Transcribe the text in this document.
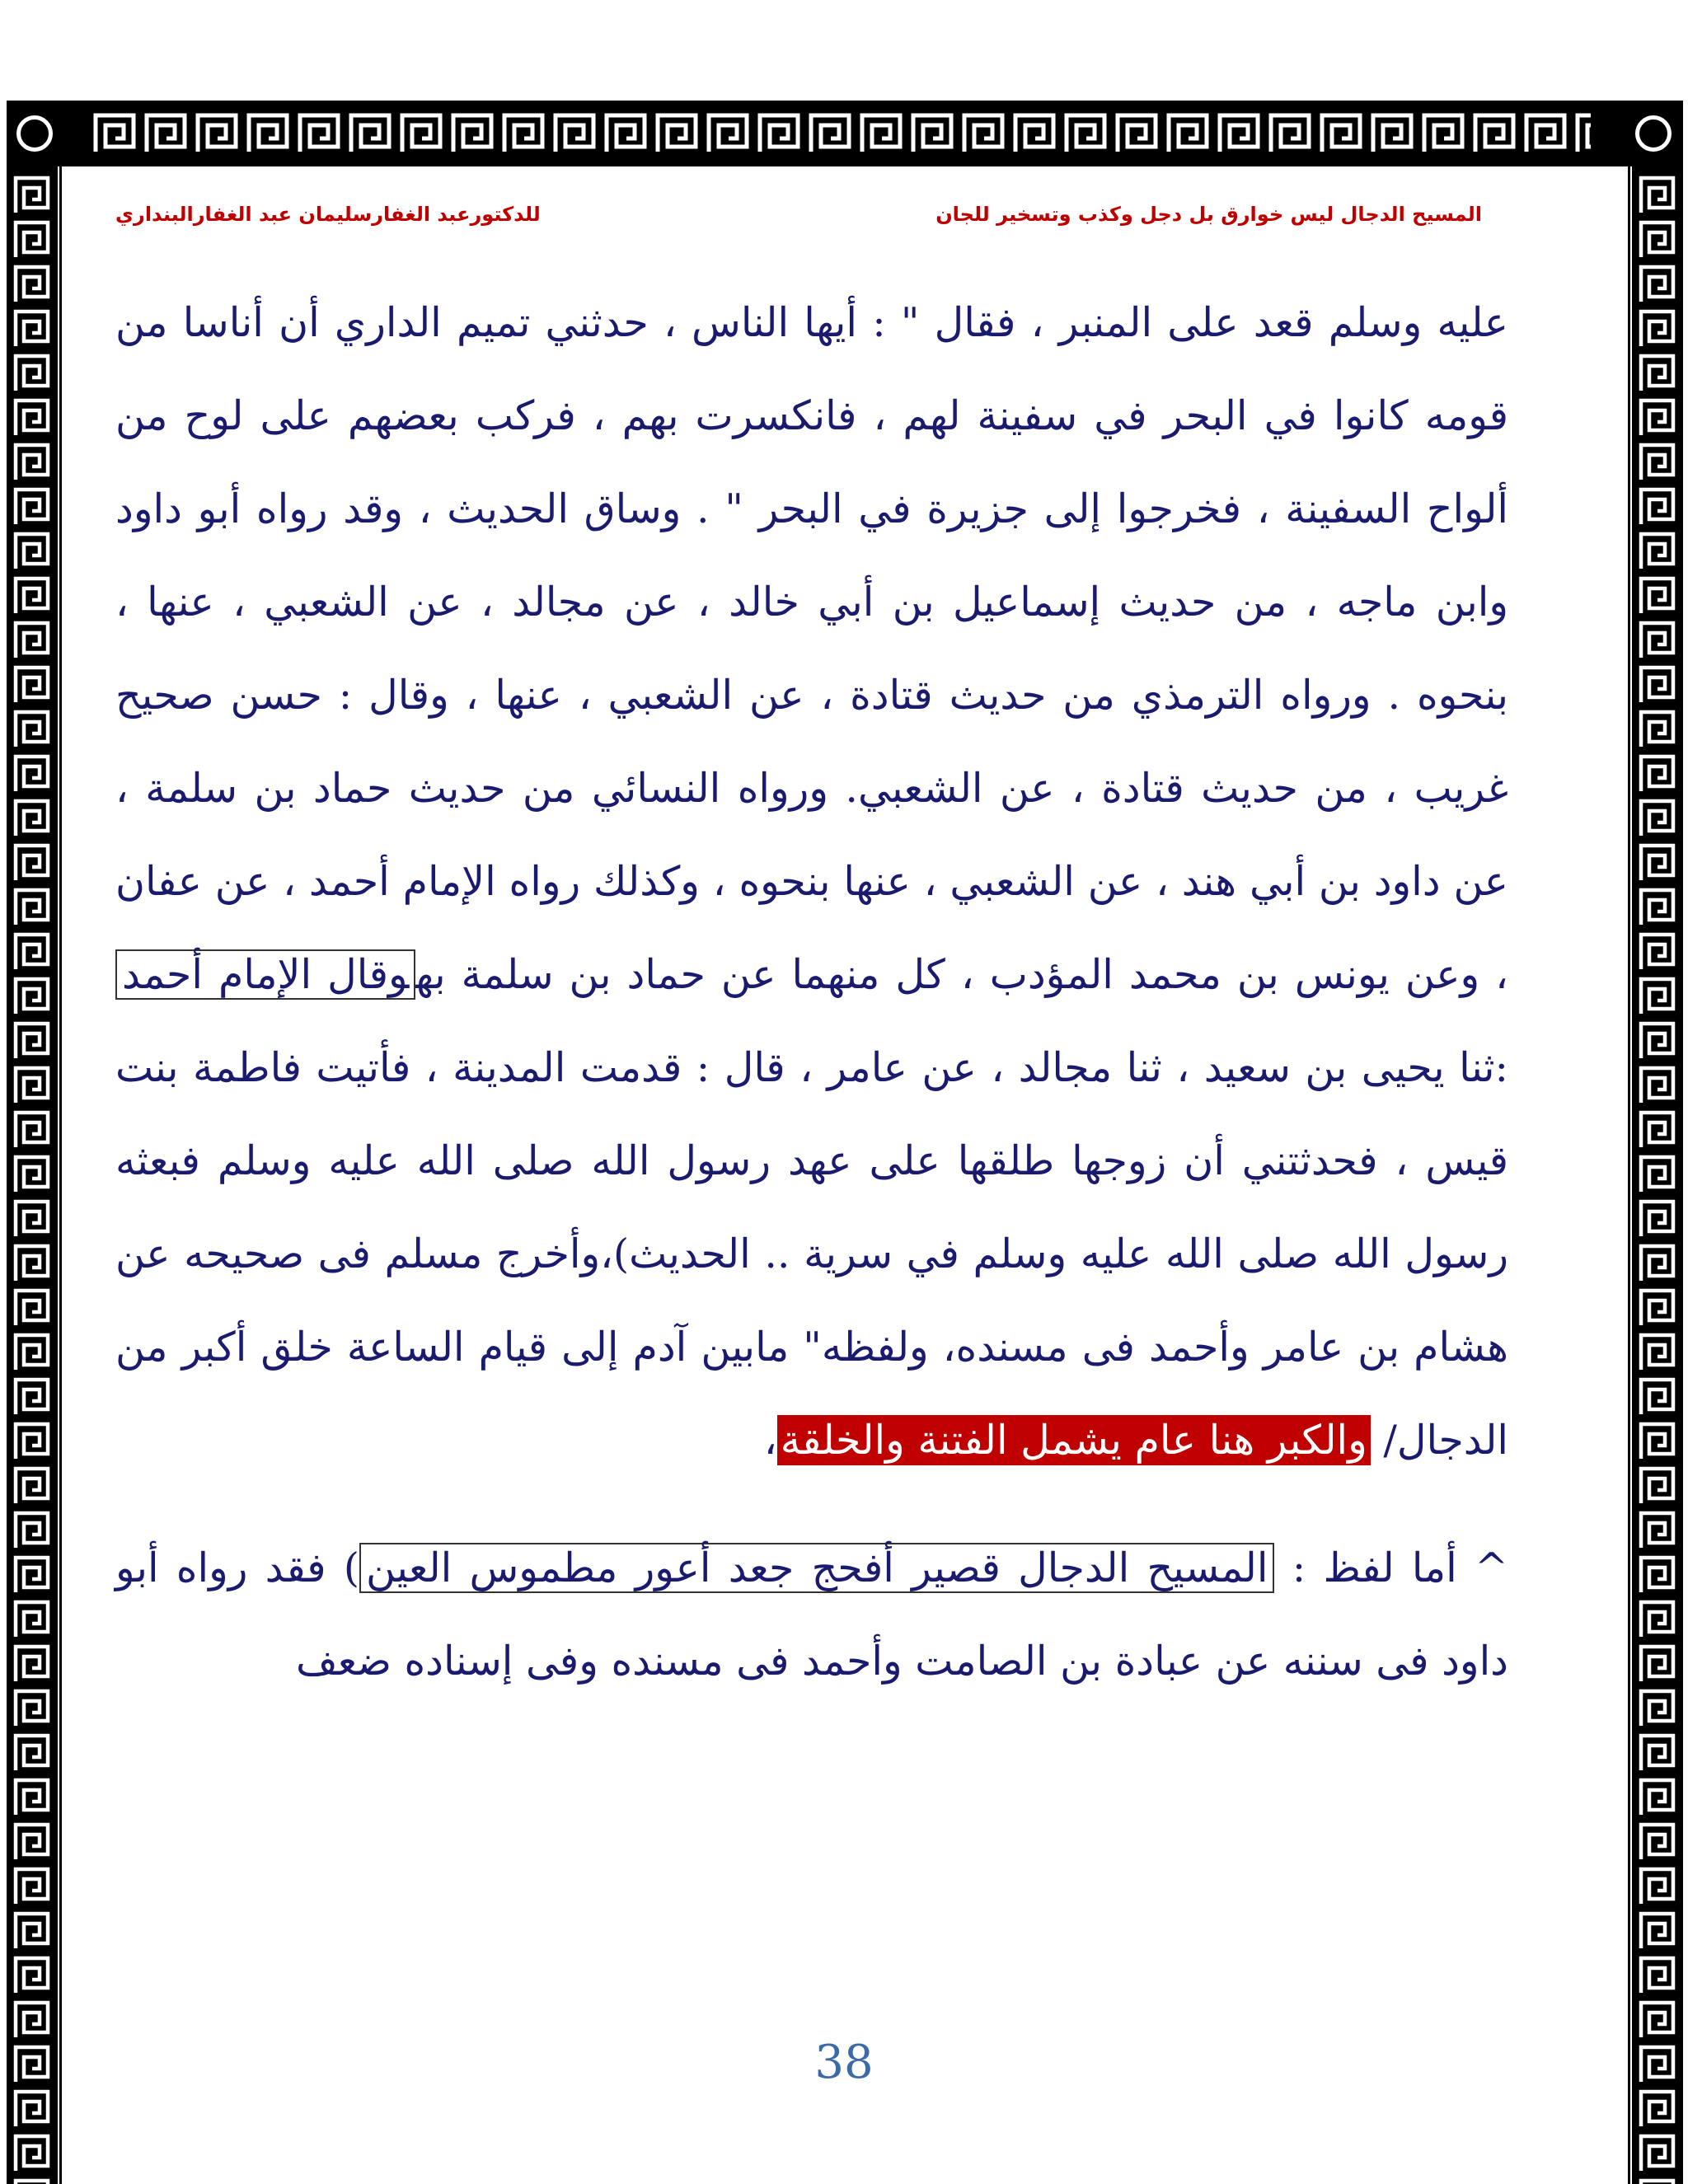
المسيح الدجال ليس خوارق بل دجل وكذب وتسخير للجان
للدكتورعبد الغفارسليمان عبد الغفارالبنداري

عليه وسلم قعد على المنبر ، فقال " : أيها الناس ، حدثني تميم الداري أن أناسا من قومه كانوا في البحر في سفينة لهم ، فانكسرت بهم ، فركب بعضهم على لوح من ألواح السفينة ، فخرجوا إلى جزيرة في البحر " . وساق الحديث ، وقد رواه أبو داود وابن ماجه ، من حديث إسماعيل بن أبي خالد ، عن مجالد ، عن الشعبي ، عنها ، بنحوه . ورواه الترمذي من حديث قتادة ، عن الشعبي ، عنها ، وقال : حسن صحيح غريب ، من حديث قتادة ، عن الشعبي. ورواه النسائي من حديث حماد بن سلمة ، عن داود بن أبي هند ، عن الشعبي ، عنها بنحوه ، وكذلك رواه الإمام أحمد ، عن عفان ، وعن يونس بن محمد المؤدب ، كل منهما عن حماد بن سلمة بهوقال الإمام أحمد :ثنا يحيى بن سعيد ، ثنا مجالد ، عن عامر ، قال : قدمت المدينة ، فأتيت فاطمة بنت قيس ، فحدثتني أن زوجها طلقها على عهد رسول الله صلى الله عليه وسلم فبعثه رسول الله صلى الله عليه وسلم في سرية .. الحديث)،وأخرج مسلم فى صحيحه عن هشام بن عامر وأحمد فى مسنده، ولفظه" مابين آدم إلى قيام الساعة خلق أكبر من الدجال/ والكبر هنا عام يشمل الفتنة والخلقة،

^ أما لفظ : المسيح الدجال قصير أفحج جعد أعور مطموس العين) فقد رواه أبو داود فى سننه عن عبادة بن الصامت وأحمد فى مسنده وفى إسناده ضعف

38
